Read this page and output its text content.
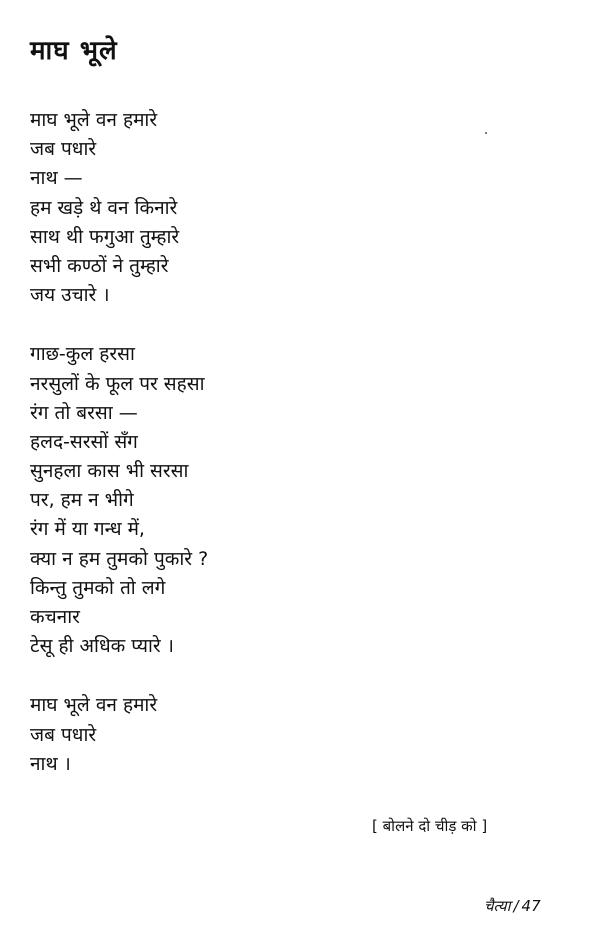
माघ भूले
माघ भूले वन हमारे
जब पधारे
नाथ —
हम खड़े थे वन किनारे
साथ थी फगुआ तुम्हारे
सभी कण्ठों ने तुम्हारे
जय उचारे ।
गाछ-कुल हरसा
नरसुलों के फूल पर सहसा
रंग तो बरसा —
हलद-सरसों सँग
सुनहला कास भी सरसा
पर, हम न भीगे
रंग में या गन्ध में,
क्या न हम तुमको पुकारे ?
किन्तु तुमको तो लगे
कचनार
टेसू ही अधिक प्यारे ।
माघ भूले वन हमारे
जब पधारे
नाथ ।
[ बोलने दो चीड़ को ]
चैत्या / 47
